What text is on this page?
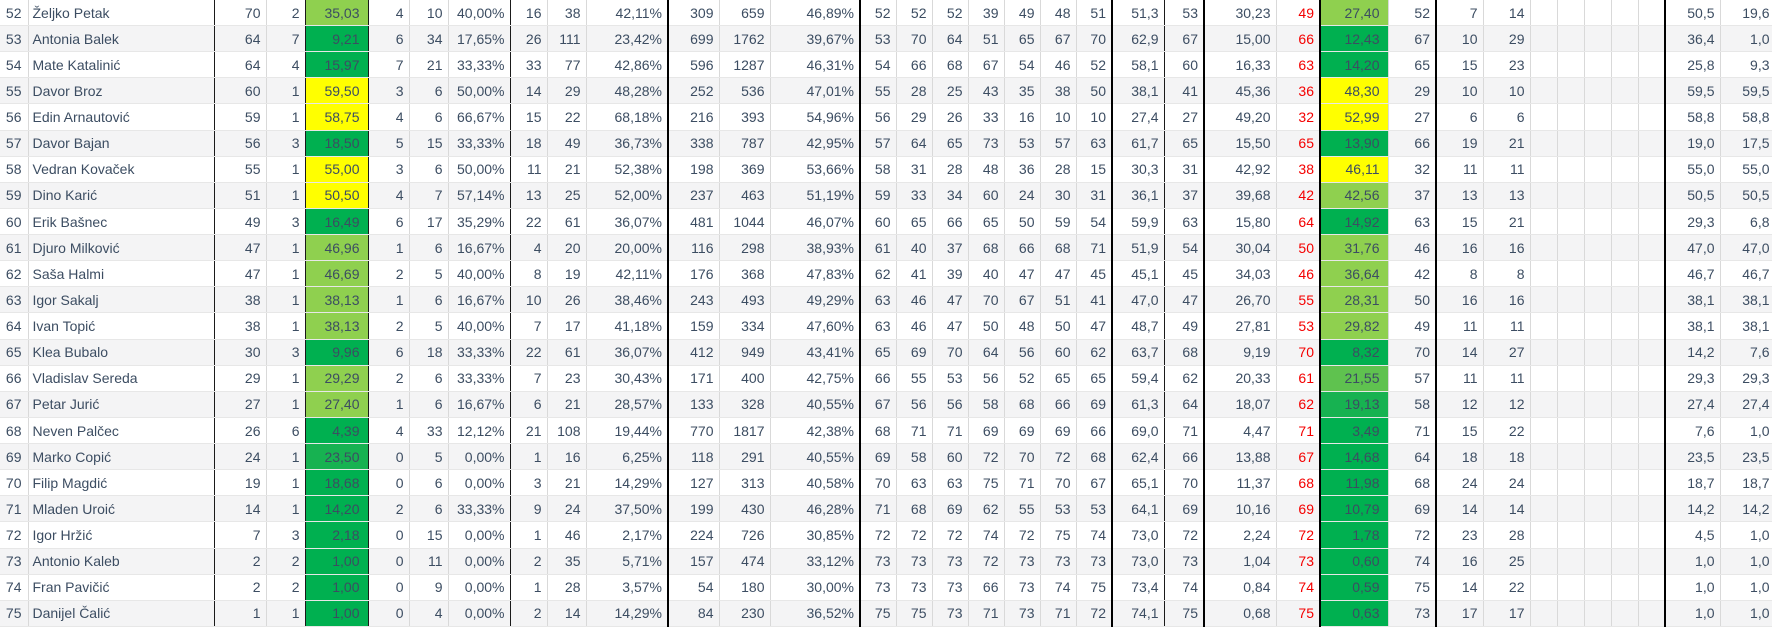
52	Željko Petak	70	2	35,03	4	10	40,00%	16	38	42,11%	309	659	46,89%	52	52	52	39	49	48	51	51,3	53	30,23	49	27,40	52	7	14						50,5	19,6
53	Antonia Balek	64	7	9,21	6	34	17,65%	26	111	23,42%	699	1762	39,67%	53	70	64	51	65	67	70	62,9	67	15,00	66	12,43	67	10	29						36,4	1,0
54	Mate Katalinić	64	4	15,97	7	21	33,33%	33	77	42,86%	596	1287	46,31%	54	66	68	67	54	46	52	58,1	60	16,33	63	14,20	65	15	23						25,8	9,3
55	Davor Broz	60	1	59,50	3	6	50,00%	14	29	48,28%	252	536	47,01%	55	28	25	43	35	38	50	38,1	41	45,36	36	48,30	29	10	10						59,5	59,5
56	Edin Arnautović	59	1	58,75	4	6	66,67%	15	22	68,18%	216	393	54,96%	56	29	26	33	16	10	10	27,4	27	49,20	32	52,99	27	6	6						58,8	58,8
57	Davor Bajan	56	3	18,50	5	15	33,33%	18	49	36,73%	338	787	42,95%	57	64	65	73	53	57	63	61,7	65	15,50	65	13,90	66	19	21						19,0	17,5
58	Vedran Kovaček	55	1	55,00	3	6	50,00%	11	21	52,38%	198	369	53,66%	58	31	28	48	36	28	15	30,3	31	42,92	38	46,11	32	11	11						55,0	55,0
59	Dino Karić	51	1	50,50	4	7	57,14%	13	25	52,00%	237	463	51,19%	59	33	34	60	24	30	31	36,1	37	39,68	42	42,56	37	13	13						50,5	50,5
60	Erik Bašnec	49	3	16,49	6	17	35,29%	22	61	36,07%	481	1044	46,07%	60	65	66	65	50	59	54	59,9	63	15,80	64	14,92	63	15	21						29,3	6,8
61	Djuro Milković	47	1	46,96	1	6	16,67%	4	20	20,00%	116	298	38,93%	61	40	37	68	66	68	71	51,9	54	30,04	50	31,76	46	16	16						47,0	47,0
62	Saša Halmi	47	1	46,69	2	5	40,00%	8	19	42,11%	176	368	47,83%	62	41	39	40	47	47	45	45,1	45	34,03	46	36,64	42	8	8						46,7	46,7
63	Igor Sakalj	38	1	38,13	1	6	16,67%	10	26	38,46%	243	493	49,29%	63	46	47	70	67	51	41	47,0	47	26,70	55	28,31	50	16	16						38,1	38,1
64	Ivan Topić	38	1	38,13	2	5	40,00%	7	17	41,18%	159	334	47,60%	63	46	47	50	48	50	47	48,7	49	27,81	53	29,82	49	11	11						38,1	38,1
65	Klea Bubalo	30	3	9,96	6	18	33,33%	22	61	36,07%	412	949	43,41%	65	69	70	64	56	60	62	63,7	68	9,19	70	8,32	70	14	27						14,2	7,6
66	Vladislav Sereda	29	1	29,29	2	6	33,33%	7	23	30,43%	171	400	42,75%	66	55	53	56	52	65	65	59,4	62	20,33	61	21,55	57	11	11						29,3	29,3
67	Petar Jurić	27	1	27,40	1	6	16,67%	6	21	28,57%	133	328	40,55%	67	56	56	58	68	66	69	61,3	64	18,07	62	19,13	58	12	12						27,4	27,4
68	Neven Palčec	26	6	4,39	4	33	12,12%	21	108	19,44%	770	1817	42,38%	68	71	71	69	69	69	66	69,0	71	4,47	71	3,49	71	15	22						7,6	1,0
69	Marko Copić	24	1	23,50	0	5	0,00%	1	16	6,25%	118	291	40,55%	69	58	60	72	70	72	68	62,4	66	13,88	67	14,68	64	18	18						23,5	23,5
70	Filip Magdić	19	1	18,68	0	6	0,00%	3	21	14,29%	127	313	40,58%	70	63	63	75	71	70	67	65,1	70	11,37	68	11,98	68	24	24						18,7	18,7
71	Mladen Uroić	14	1	14,20	2	6	33,33%	9	24	37,50%	199	430	46,28%	71	68	69	62	55	53	53	64,1	69	10,16	69	10,79	69	14	14						14,2	14,2
72	Igor Hržić	7	3	2,18	0	15	0,00%	1	46	2,17%	224	726	30,85%	72	72	72	74	72	75	74	73,0	72	2,24	72	1,78	72	23	28						4,5	1,0
73	Antonio Kaleb	2	2	1,00	0	11	0,00%	2	35	5,71%	157	474	33,12%	73	73	73	72	73	73	73	73,0	73	1,04	73	0,60	74	16	25						1,0	1,0
74	Fran Pavičić	2	2	1,00	0	9	0,00%	1	28	3,57%	54	180	30,00%	73	73	73	66	73	74	75	73,4	74	0,84	74	0,59	75	14	22						1,0	1,0
75	Danijel Čalić	1	1	1,00	0	4	0,00%	2	14	14,29%	84	230	36,52%	75	75	73	71	73	71	72	74,1	75	0,68	75	0,63	73	17	17						1,0	1,0
